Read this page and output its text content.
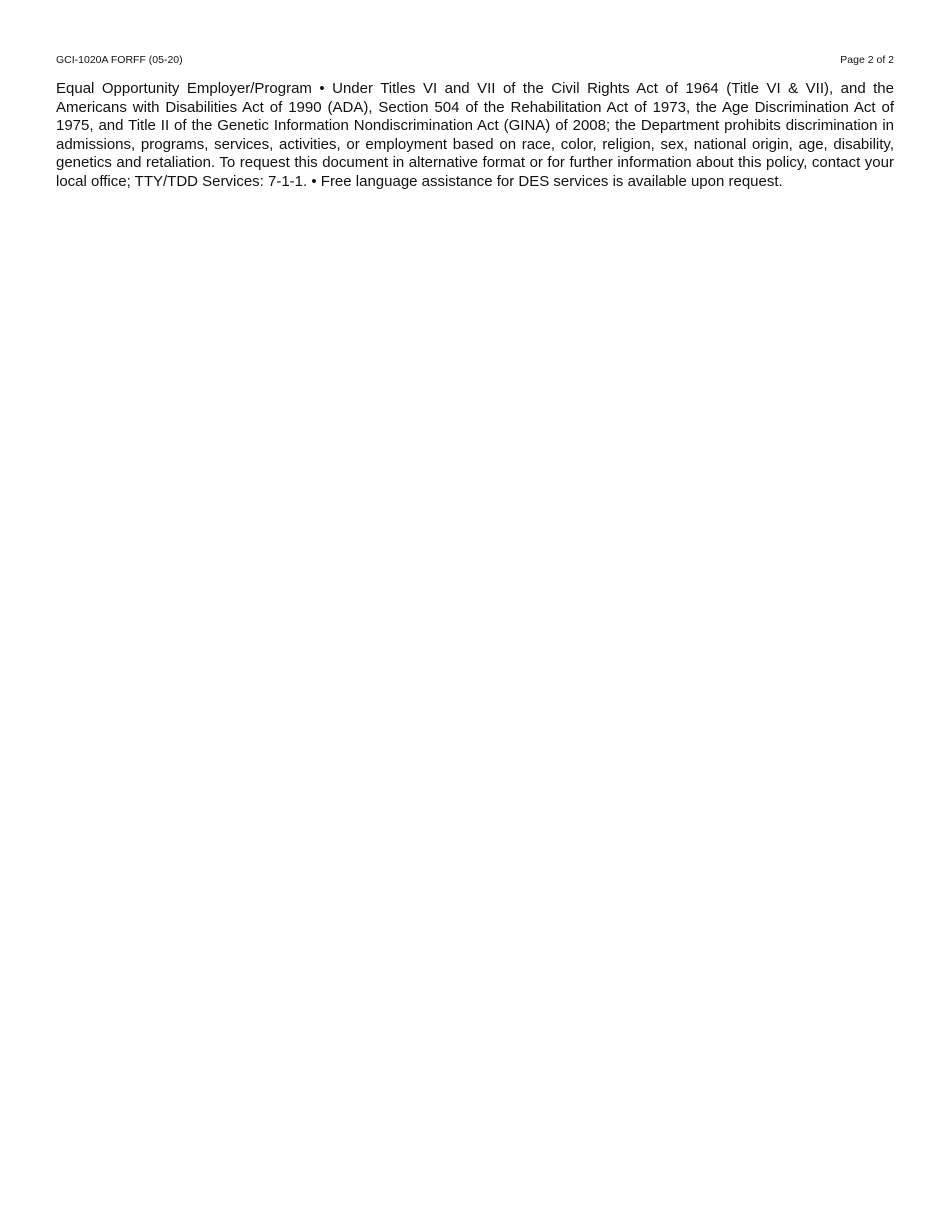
GCI-1020A FORFF (05-20)	Page 2 of 2

Equal Opportunity Employer/Program • Under Titles VI and VII of the Civil Rights Act of 1964 (Title VI & VII), and the Americans with Disabilities Act of 1990 (ADA), Section 504 of the Rehabilitation Act of 1973, the Age Discrimination Act of 1975, and Title II of the Genetic Information Nondiscrimination Act (GINA) of 2008; the Department prohibits discrimination in admissions, programs, services, activities, or employment based on race, color, religion, sex, national origin, age, disability, genetics and retaliation. To request this document in alternative format or for further information about this policy, contact your local office; TTY/TDD Services: 7-1-1. • Free language assistance for DES services is available upon request.
